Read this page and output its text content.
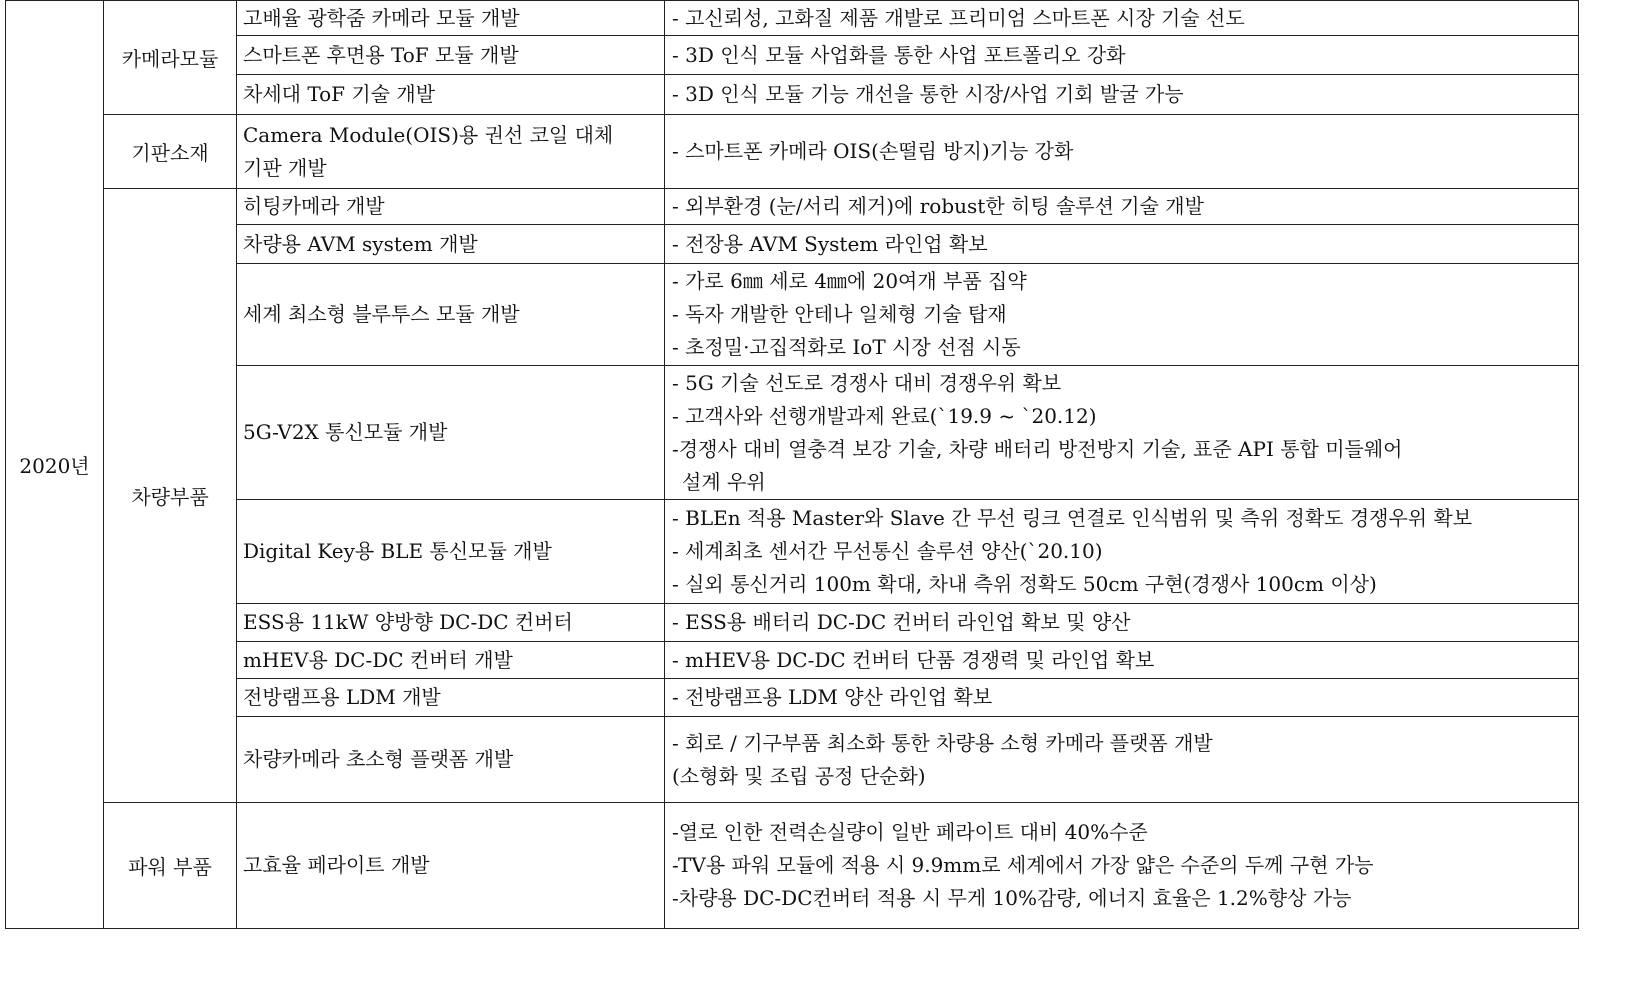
2020년	카메라모듈	고배율 광학줌 카메라 모듈 개발	- 고신뢰성, 고화질 제품 개발로 프리미엄 스마트폰 시장 기술 선도

		스마트폰 후면용 ToF 모듈 개발	- 3D 인식 모듈 사업화를 통한 사업 포트폴리오 강화

		차세대 ToF 기술 개발	- 3D 인식 모듈 기능 개선을 통한 시장/사업 기회 발굴 가능

	기판소재	Camera Module(OIS)용 권선 코일 대체
기판 개발	- 스마트폰 카메라 OIS(손떨림 방지)기능 강화

	차량부품	히팅카메라 개발	- 외부환경 (눈/서리 제거)에 robust한 히팅 솔루션 기술 개발

		차량용 AVM system 개발	- 전장용 AVM System 라인업 확보

		세계 최소형 블루투스 모듈 개발	- 가로 6㎜ 세로 4㎜에 20여개 부품 집약
- 독자 개발한 안테나 일체형 기술 탑재
- 초정밀·고집적화로 IoT 시장 선점 시동

		5G-V2X 통신모듈 개발	- 5G 기술 선도로 경쟁사 대비 경쟁우위 확보
- 고객사와 선행개발과제 완료(`19.9 ~ `20.12)
-경쟁사 대비 열충격 보강 기술, 차량 배터리 방전방지 기술, 표준 API 통합 미들웨어
설계 우위

		Digital Key용 BLE 통신모듈 개발	- BLEn 적용 Master와 Slave 간 무선 링크 연결로 인식범위 및 측위 정확도 경쟁우위 확보
- 세계최초 센서간 무선통신 솔루션 양산(`20.10)
- 실외 통신거리 100m 확대, 차내 측위 정확도 50cm 구현(경쟁사 100cm 이상)

		ESS용 11kW 양방향 DC-DC 컨버터	- ESS용 배터리 DC-DC 컨버터 라인업 확보 및 양산

		mHEV용 DC-DC 컨버터 개발	- mHEV용 DC-DC 컨버터 단품 경쟁력 및 라인업 확보

		전방램프용 LDM 개발	- 전방램프용 LDM 양산 라인업 확보

		차량카메라 초소형 플랫폼 개발	- 회로 / 기구부품 최소화 통한 차량용 소형 카메라 플랫폼 개발
(소형화 및 조립 공정 단순화)

	파워 부품	고효율 페라이트 개발	-열로 인한 전력손실량이 일반 페라이트 대비 40%수준
-TV용 파워 모듈에 적용 시 9.9mm로 세계에서 가장 얇은 수준의 두께 구현 가능
-차량용 DC-DC컨버터 적용 시 무게 10%감량, 에너지 효율은 1.2%향상 가능
